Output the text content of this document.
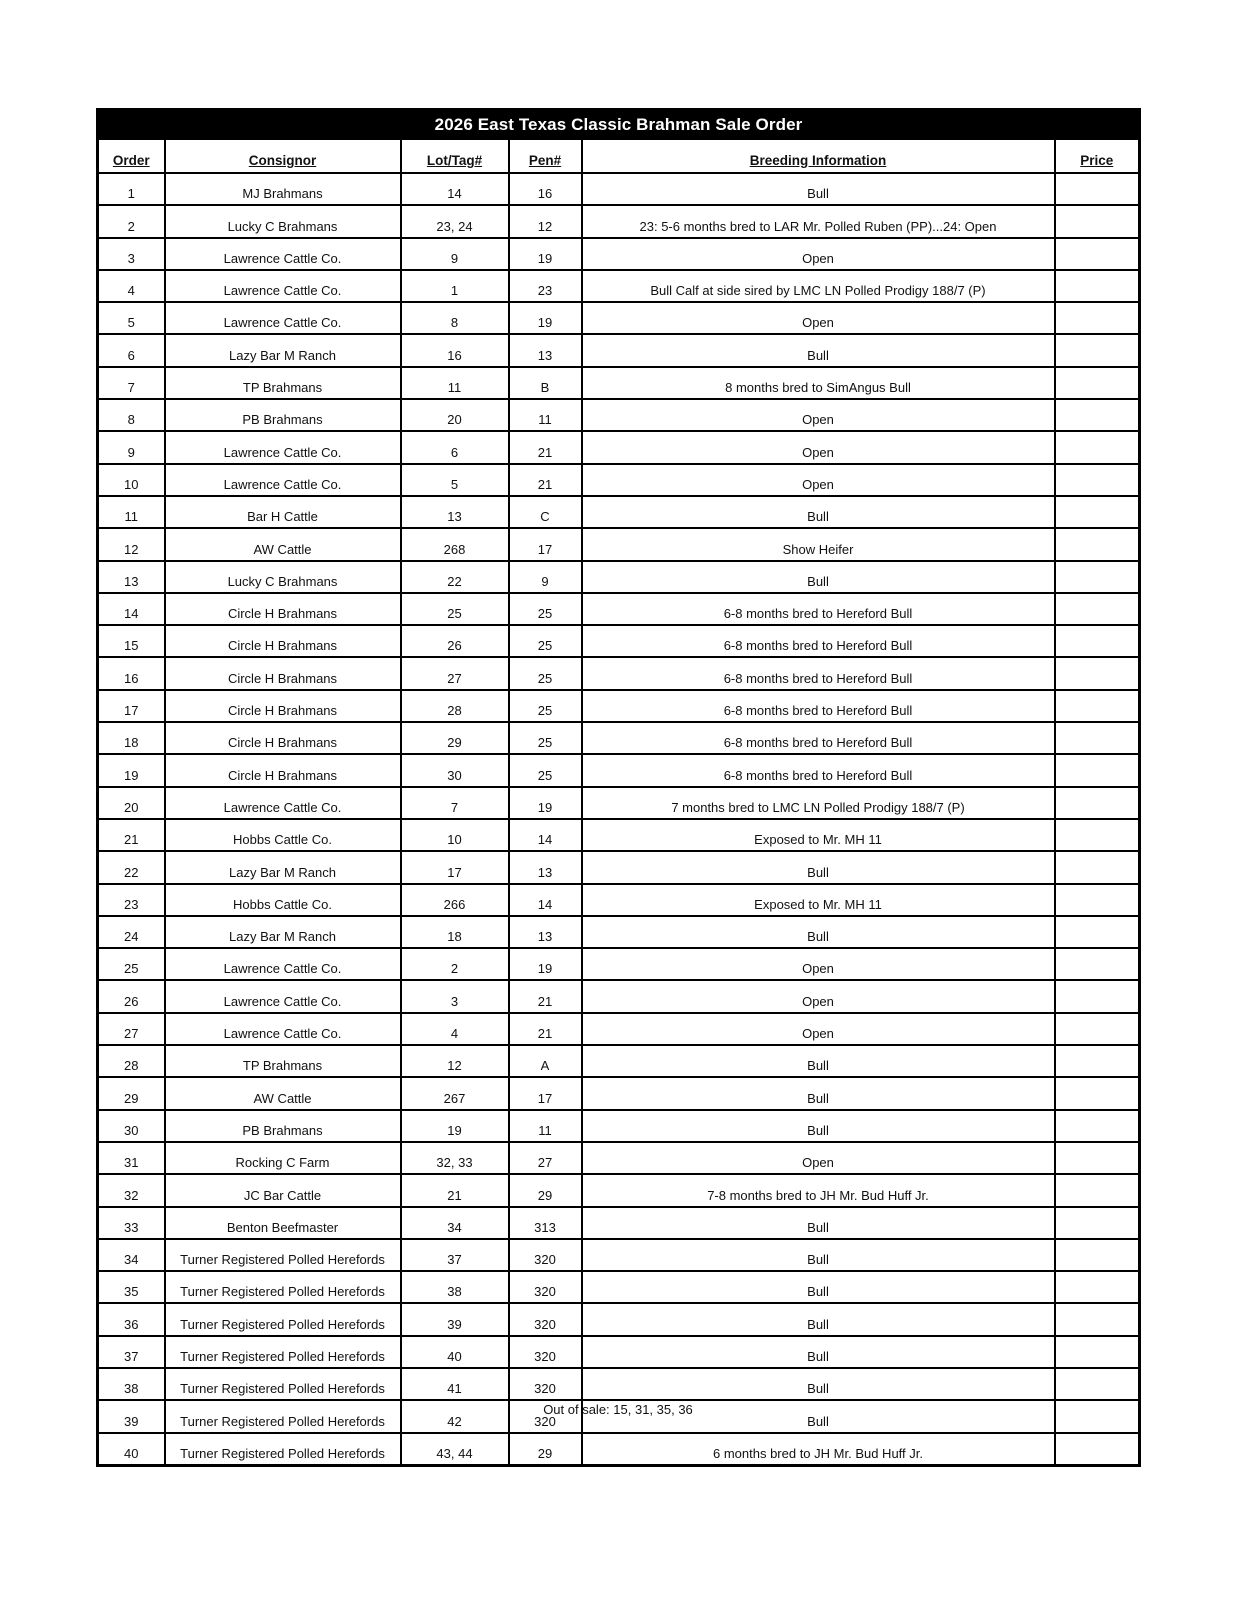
2026 East Texas Classic Brahman Sale Order					
Order	Consignor	Lot/Tag#	Pen#	Breeding Information	Price
1	MJ Brahmans	14	16	Bull	
2	Lucky C Brahmans	23, 24	12	23: 5-6 months bred to LAR Mr. Polled Ruben (PP)...24: Open	
3	Lawrence Cattle Co.	9	19	Open	
4	Lawrence Cattle Co.	1	23	Bull Calf at side sired by LMC LN Polled Prodigy 188/7 (P)	
5	Lawrence Cattle Co.	8	19	Open	
6	Lazy Bar M Ranch	16	13	Bull	
7	TP Brahmans	11	B	8 months bred to SimAngus Bull	
8	PB Brahmans	20	11	Open	
9	Lawrence Cattle Co.	6	21	Open	
10	Lawrence Cattle Co.	5	21	Open	
11	Bar H Cattle	13	C	Bull	
12	AW Cattle	268	17	Show Heifer	
13	Lucky C Brahmans	22	9	Bull	
14	Circle H Brahmans	25	25	6-8 months bred to Hereford Bull	
15	Circle H Brahmans	26	25	6-8 months bred to Hereford Bull	
16	Circle H Brahmans	27	25	6-8 months bred to Hereford Bull	
17	Circle H Brahmans	28	25	6-8 months bred to Hereford Bull	
18	Circle H Brahmans	29	25	6-8 months bred to Hereford Bull	
19	Circle H Brahmans	30	25	6-8 months bred to Hereford Bull	
20	Lawrence Cattle Co.	7	19	7 months bred to LMC LN Polled Prodigy 188/7 (P)	
21	Hobbs Cattle Co.	10	14	Exposed to Mr. MH 11	
22	Lazy Bar M Ranch	17	13	Bull	
23	Hobbs Cattle Co.	266	14	Exposed to Mr. MH 11	
24	Lazy Bar M Ranch	18	13	Bull	
25	Lawrence Cattle Co.	2	19	Open	
26	Lawrence Cattle Co.	3	21	Open	
27	Lawrence Cattle Co.	4	21	Open	
28	TP Brahmans	12	A	Bull	
29	AW Cattle	267	17	Bull	
30	PB Brahmans	19	11	Bull	
31	Rocking C Farm	32, 33	27	Open	
32	JC Bar Cattle	21	29	7-8 months bred to JH Mr. Bud Huff Jr.	
33	Benton Beefmaster	34	313	Bull	
34	Turner Registered Polled Herefords	37	320	Bull	
35	Turner Registered Polled Herefords	38	320	Bull	
36	Turner Registered Polled Herefords	39	320	Bull	
37	Turner Registered Polled Herefords	40	320	Bull	
38	Turner Registered Polled Herefords	41	320	Bull	
39	Turner Registered Polled Herefords	42	320	Bull	
40	Turner Registered Polled Herefords	43, 44	29	6 months bred to JH Mr. Bud Huff Jr.	
Out of sale: 15, 31, 35, 36
